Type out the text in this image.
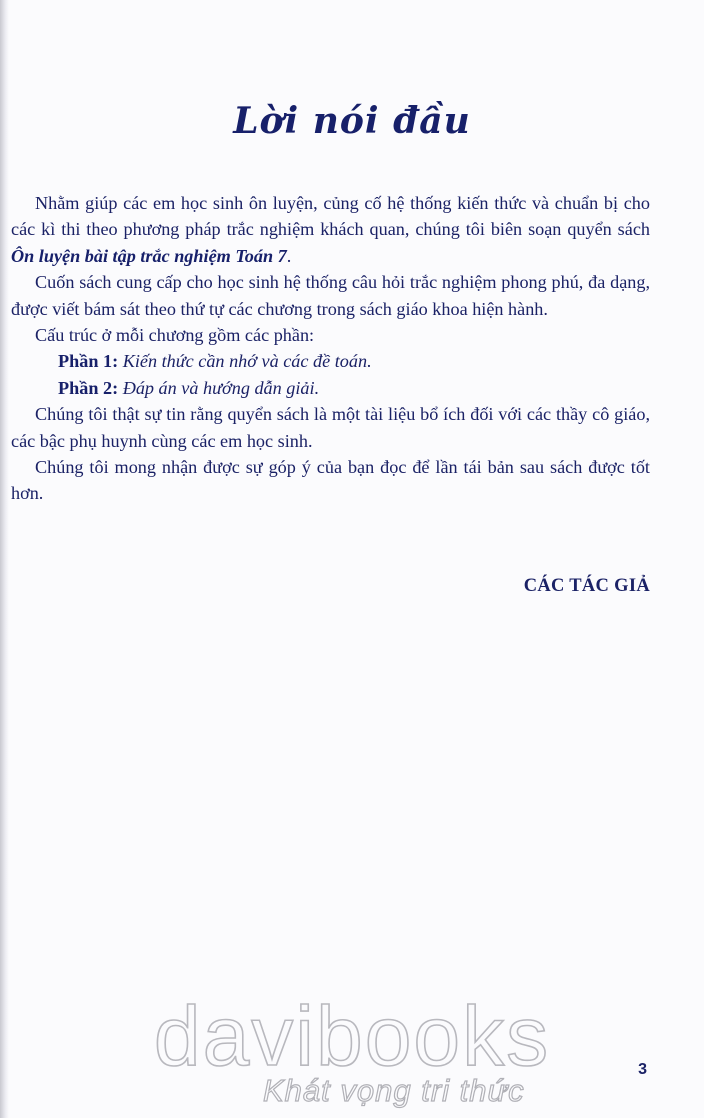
Lời nói đầu

Nhằm giúp các em học sinh ôn luyện, củng cố hệ thống kiến thức và chuẩn bị cho các kì thi theo phương pháp trắc nghiệm khách quan, chúng tôi biên soạn quyển sách Ôn luyện bài tập trắc nghiệm Toán 7.

Cuốn sách cung cấp cho học sinh hệ thống câu hỏi trắc nghiệm phong phú, đa dạng, được viết bám sát theo thứ tự các chương trong sách giáo khoa hiện hành.

Cấu trúc ở mỗi chương gồm các phần:

Phần 1: Kiến thức cần nhớ và các đề toán.

Phần 2: Đáp án và hướng dẫn giải.

Chúng tôi thật sự tin rằng quyển sách là một tài liệu bổ ích đối với các thầy cô giáo, các bậc phụ huynh cùng các em học sinh.

Chúng tôi mong nhận được sự góp ý của bạn đọc để lần tái bản sau sách được tốt hơn.

CÁC TÁC GIẢ
davibooks
Khát vọng tri thức
3
